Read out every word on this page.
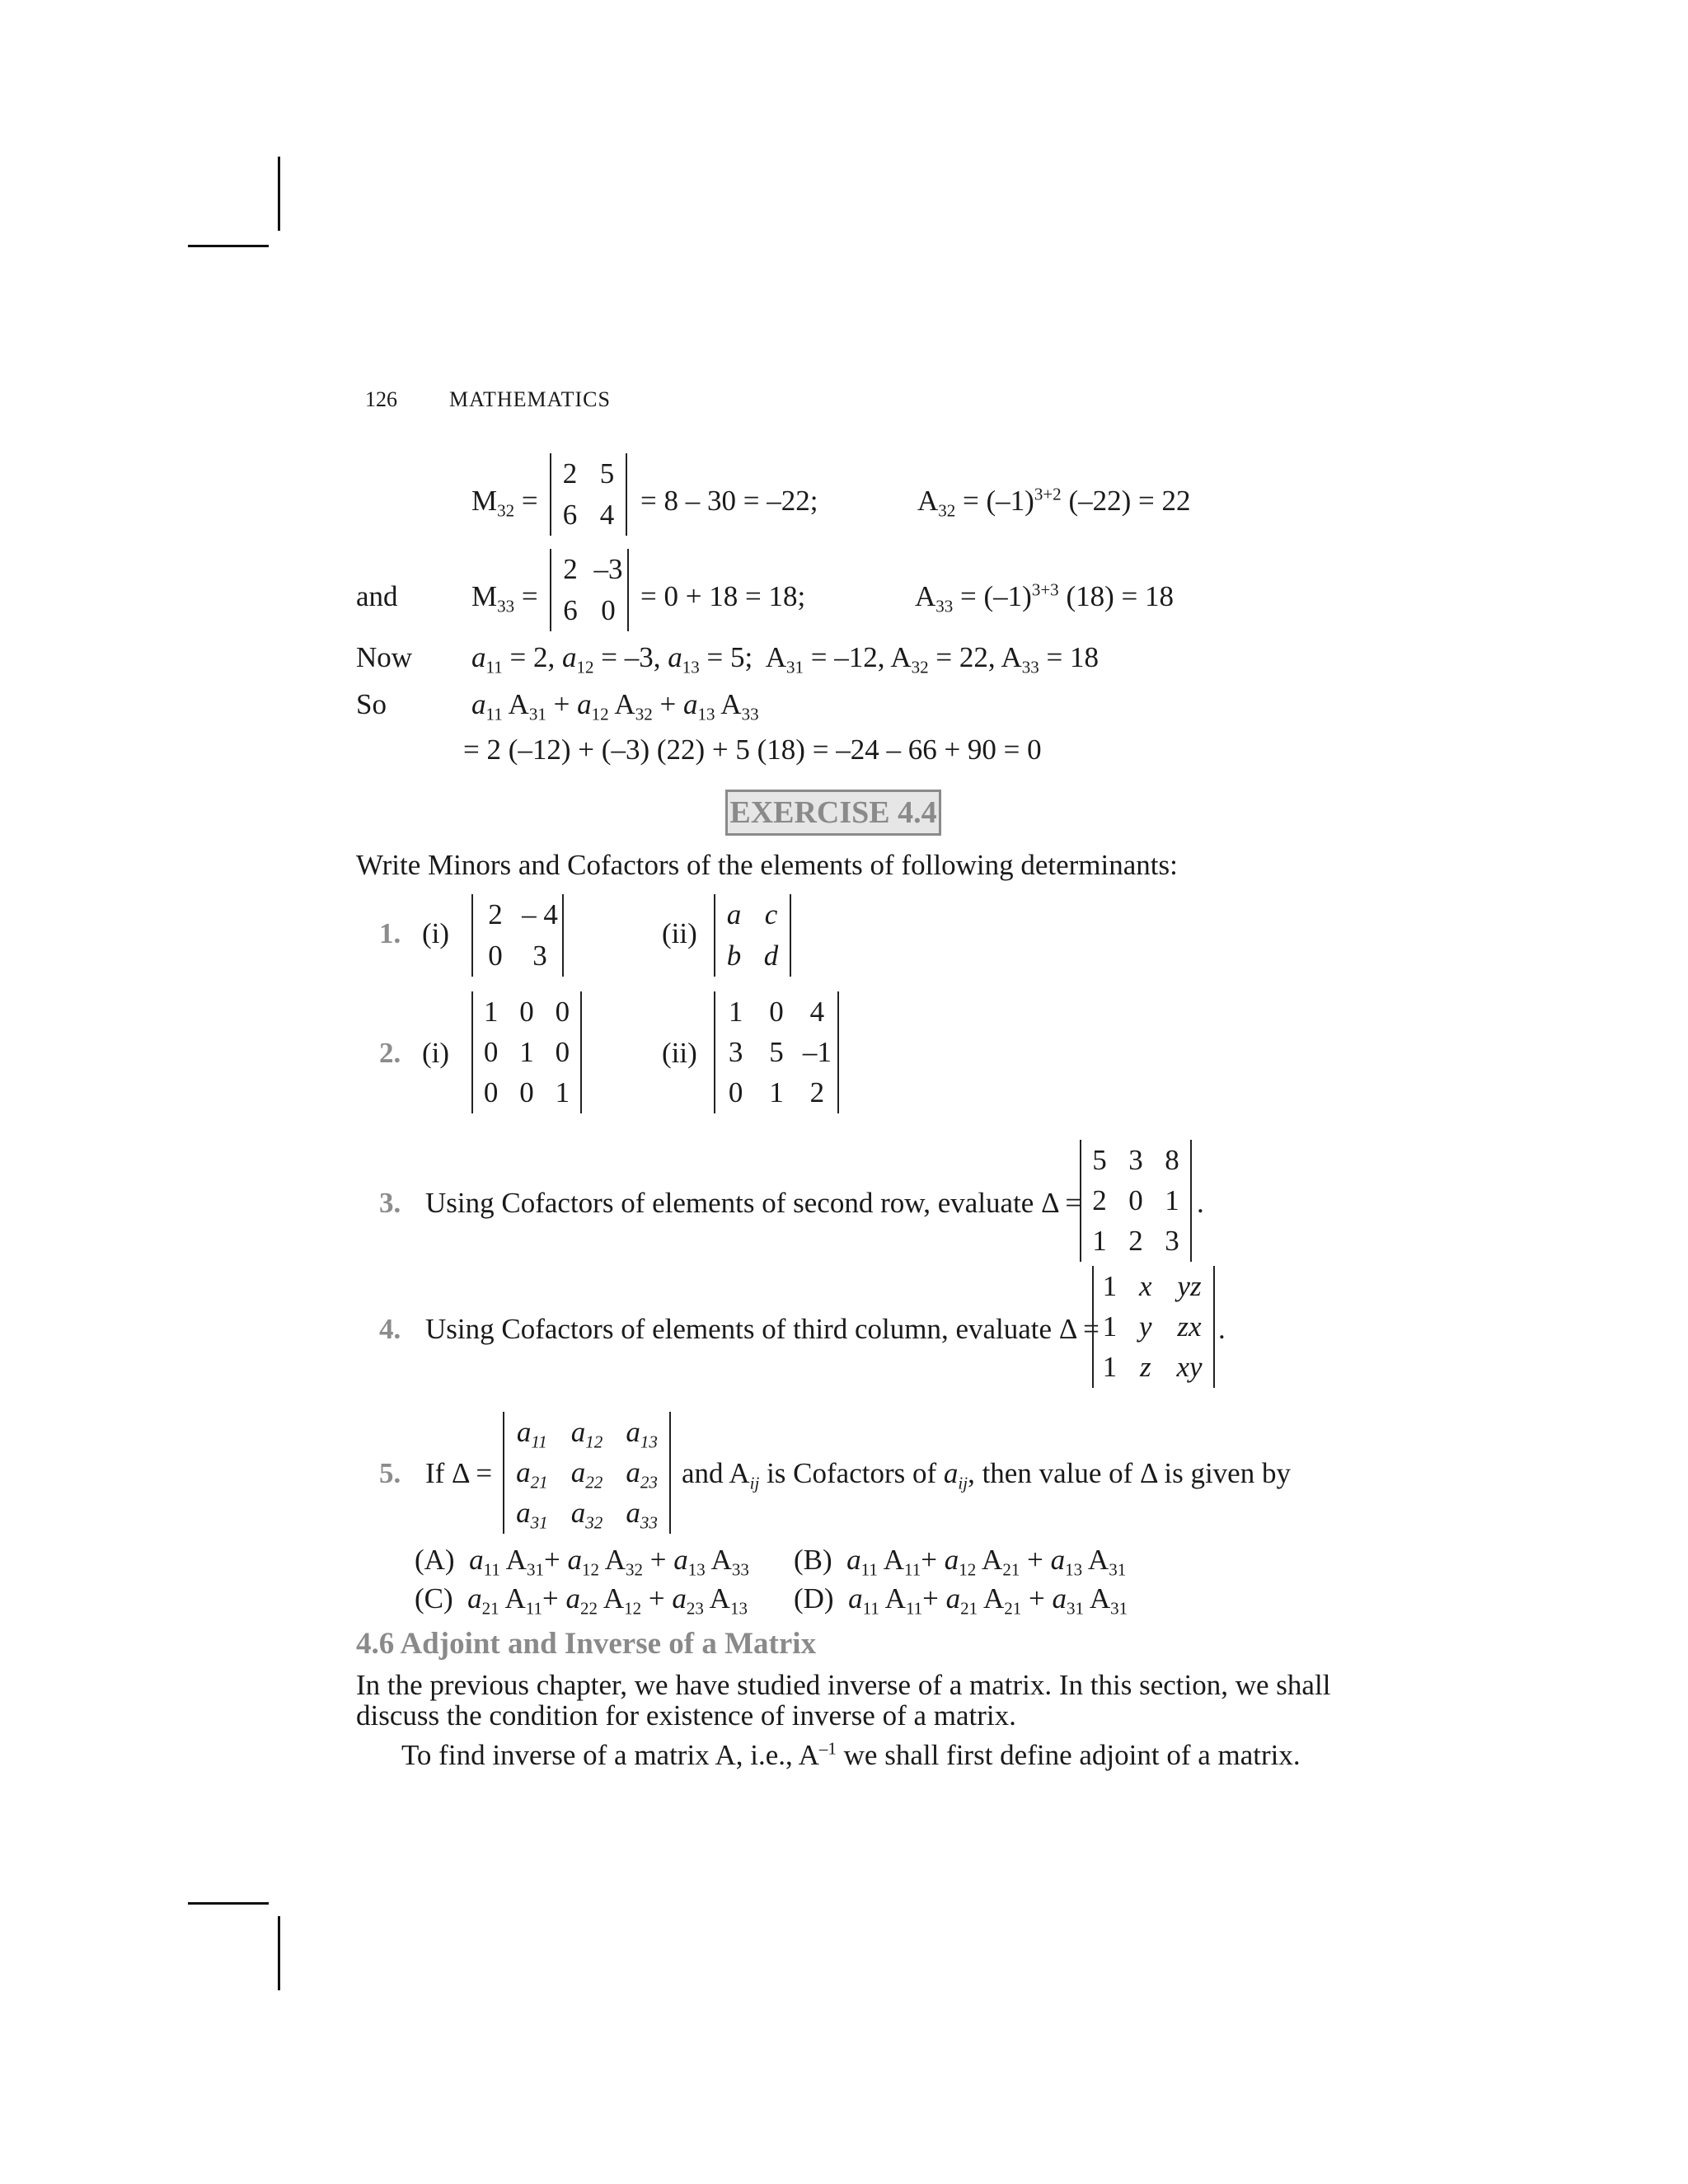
126 MATHEMATICS
$M_{32}$ =
2 5
6 4 = 8 – 30 = –22;	$A_{32} = (-1)^{3+2}$ (–22) = 22
and	$M_{33}$ =
2 –3
6 0 = 0 + 18 = 18;	$A_{33} = (-1)^{3+3}$ (18) = 18
Now $a_{11} = 2$, $a_{12} = -3$, $a_{13} = 5$;  $A_{31} = -12$, $A_{32} = 22$, $A_{33} = 18$
So	$a_{11}$ $A_{31} + a_{12}$ $A_{32} + a_{13}$ $A_{33}$
= 2 (–12) + (–3) (22) + 5 (18) = –24 – 66 + 90 = 0
EXERCISE 4.4
Write Minors and Cofactors of the elements of following determinants:
1. (i)
2 – 4
0	3
(ii)
a c
b d
2. (i)
1 0 0
0 1 0
0 0 1
(ii)
1 0 4
3 5 –1
0 1 2
3. Using Cofactors of elements of second row, evaluate Δ =
5 3 8
2 0 1
1 2 3
.
4. Using Cofactors of elements of third column, evaluate Δ =
1 x yz
1 y zx
1 z xy
.
5. If Δ =
$a_{11}$ $a_{12}$ $a_{13}$
$a_{21}$ $a_{22}$ $a_{23}$
$a_{31}$ $a_{32}$ $a_{33}$
and $A_{ij}$ is Cofactors of $a_{ij}$, then value of Δ is given by
(A) $a_{11}$ $A_{31}+ a_{12}$ $A_{32} + a_{13}$ $A_{33}$ (B) $a_{11}$ $A_{11}+ a_{12}$ $A_{21} + a_{13}$ $A_{31}$
(C) $a_{21}$ $A_{11}+ a_{22}$ $A_{12} + a_{23}$ $A_{13}$ (D) $a_{11}$ $A_{11}+ a_{21}$ $A_{21} + a_{31}$ $A_{31}$
4.6 Adjoint and Inverse of a Matrix
In the previous chapter, we have studied inverse of a matrix. In this section, we shall
discuss the condition for existence of inverse of a matrix.
To find inverse of a matrix A, i.e., $A^{-1}$ we shall first define adjoint of a matrix.
